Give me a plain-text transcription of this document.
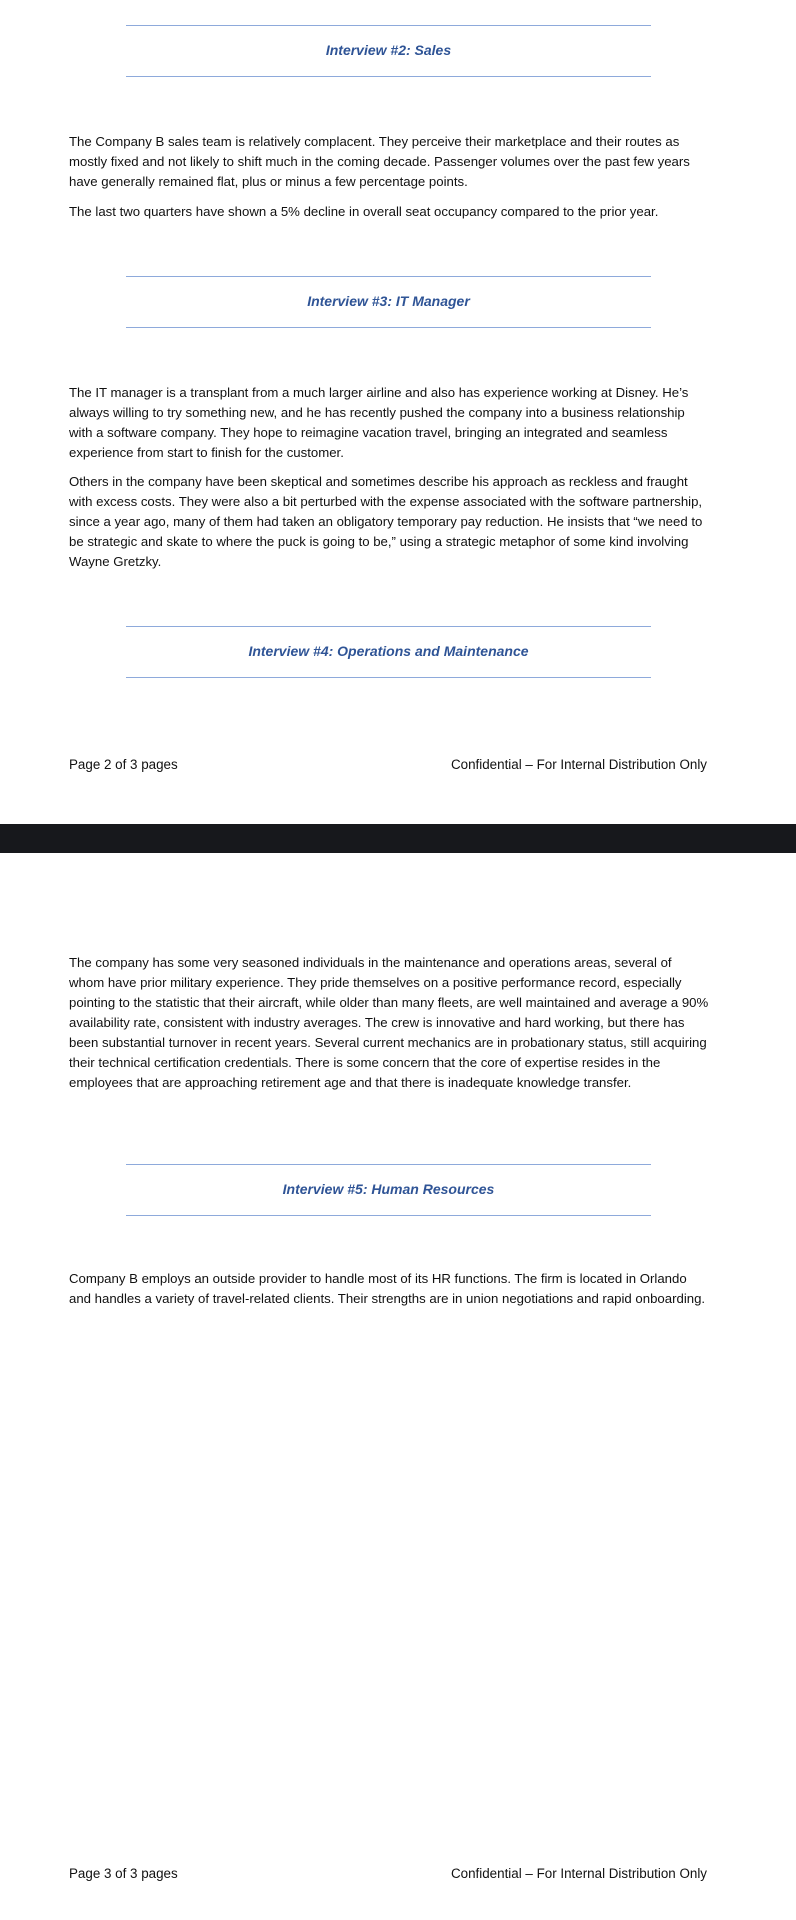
Interview #2: Sales

The Company B sales team is relatively complacent. They perceive their marketplace and their routes as mostly fixed and not likely to shift much in the coming decade. Passenger volumes over the past few years have generally remained flat, plus or minus a few percentage points.

The last two quarters have shown a 5% decline in overall seat occupancy compared to the prior year.

Interview #3: IT Manager

The IT manager is a transplant from a much larger airline and also has experience working at Disney. He’s always willing to try something new, and he has recently pushed the company into a business relationship with a software company. They hope to reimagine vacation travel, bringing an integrated and seamless experience from start to finish for the customer.

Others in the company have been skeptical and sometimes describe his approach as reckless and fraught with excess costs. They were also a bit perturbed with the expense associated with the software partnership, since a year ago, many of them had taken an obligatory temporary pay reduction. He insists that “we need to be strategic and skate to where the puck is going to be,” using a strategic metaphor of some kind involving Wayne Gretzky.

Interview #4: Operations and Maintenance
Page 2 of 3 pages	Confidential – For Internal Distribution Only

The company has some very seasoned individuals in the maintenance and operations areas, several of whom have prior military experience. They pride themselves on a positive performance record, especially pointing to the statistic that their aircraft, while older than many fleets, are well maintained and average a 90% availability rate, consistent with industry averages. The crew is innovative and hard working, but there has been substantial turnover in recent years. Several current mechanics are in probationary status, still acquiring their technical certification credentials. There is some concern that the core of expertise resides in the employees that are approaching retirement age and that there is inadequate knowledge transfer.

Interview #5: Human Resources

Company B employs an outside provider to handle most of its HR functions. The firm is located in Orlando and handles a variety of travel-related clients. Their strengths are in union negotiations and rapid onboarding.

Page 3 of 3 pages	Confidential – For Internal Distribution Only
